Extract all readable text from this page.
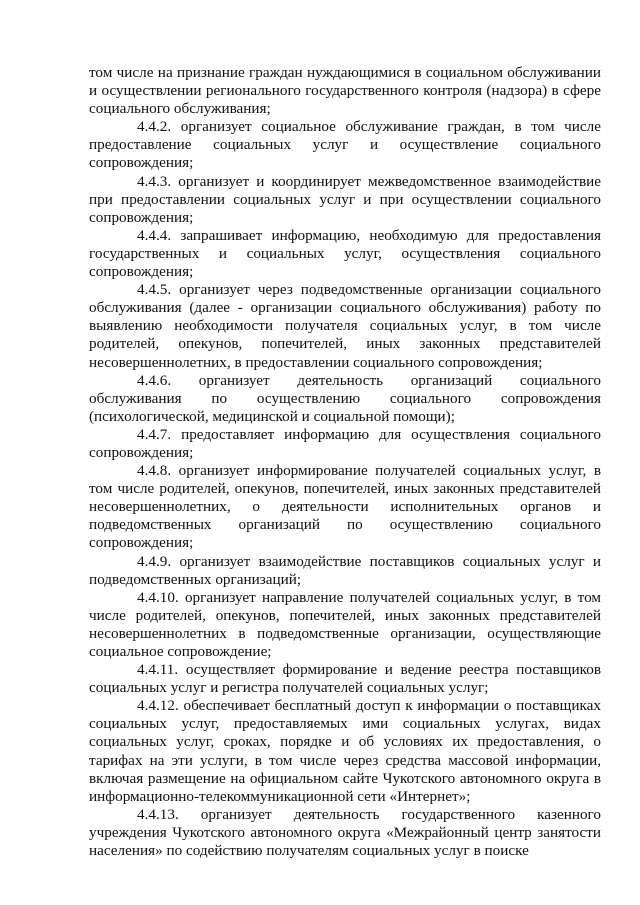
том числе на признание граждан нуждающимися в социальном обслуживании и осуществлении регионального государственного контроля (надзора) в сфере социального обслуживания;

4.4.2. организует социальное обслуживание граждан, в том числе предоставление социальных услуг и осуществление социального сопровождения;

4.4.3. организует и координирует межведомственное взаимодействие при предоставлении социальных услуг и при осуществлении социального сопровождения;

4.4.4. запрашивает информацию, необходимую для предоставления государственных и социальных услуг, осуществления социального сопровождения;

4.4.5. организует через подведомственные организации социального обслуживания (далее - организации социального обслуживания) работу по выявлению необходимости получателя социальных услуг, в том числе родителей, опекунов, попечителей, иных законных представителей несовершеннолетних, в предоставлении социального сопровождения;

4.4.6. организует деятельность организаций социального обслуживания по осуществлению социального сопровождения (психологической, медицинской и социальной помощи);

4.4.7. предоставляет информацию для осуществления социального сопровождения;

4.4.8. организует информирование получателей социальных услуг, в том числе родителей, опекунов, попечителей, иных законных представителей несовершеннолетних, о деятельности исполнительных органов и подведомственных организаций по осуществлению социального сопровождения;

4.4.9. организует взаимодействие поставщиков социальных услуг и подведомственных организаций;

4.4.10. организует направление получателей социальных услуг, в том числе родителей, опекунов, попечителей, иных законных представителей несовершеннолетних в подведомственные организации, осуществляющие социальное сопровождение;

4.4.11. осуществляет формирование и ведение реестра поставщиков социальных услуг и регистра получателей социальных услуг;

4.4.12. обеспечивает бесплатный доступ к информации о поставщиках социальных услуг, предоставляемых ими социальных услугах, видах социальных услуг, сроках, порядке и об условиях их предоставления, о тарифах на эти услуги, в том числе через средства массовой информации, включая размещение на официальном сайте Чукотского автономного округа в информационно-телекоммуникационной сети «Интернет»;

4.4.13. организует деятельность государственного казенного учреждения Чукотского автономного округа «Межрайонный центр занятости населения» по содействию получателям социальных услуг в поиске
